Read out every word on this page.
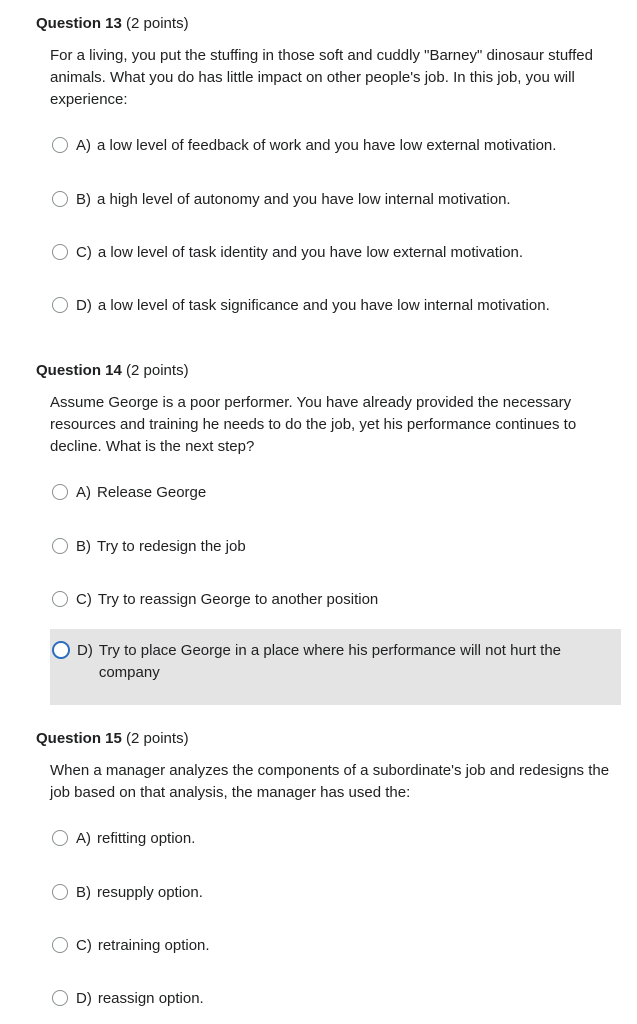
Question 13 (2 points)
For a living, you put the stuffing in those soft and cuddly "Barney" dinosaur stuffed animals. What you do has little impact on other people's job. In this job, you will experience:
A) a low level of feedback of work and you have low external motivation.
B) a high level of autonomy and you have low internal motivation.
C) a low level of task identity and you have low external motivation.
D) a low level of task significance and you have low internal motivation.
Question 14 (2 points)
Assume George is a poor performer. You have already provided the necessary resources and training he needs to do the job, yet his performance continues to decline. What is the next step?
A) Release George
B) Try to redesign the job
C) Try to reassign George to another position
D) Try to place George in a place where his performance will not hurt the company
Question 15 (2 points)
When a manager analyzes the components of a subordinate's job and redesigns the job based on that analysis, the manager has used the:
A) refitting option.
B) resupply option.
C) retraining option.
D) reassign option.
